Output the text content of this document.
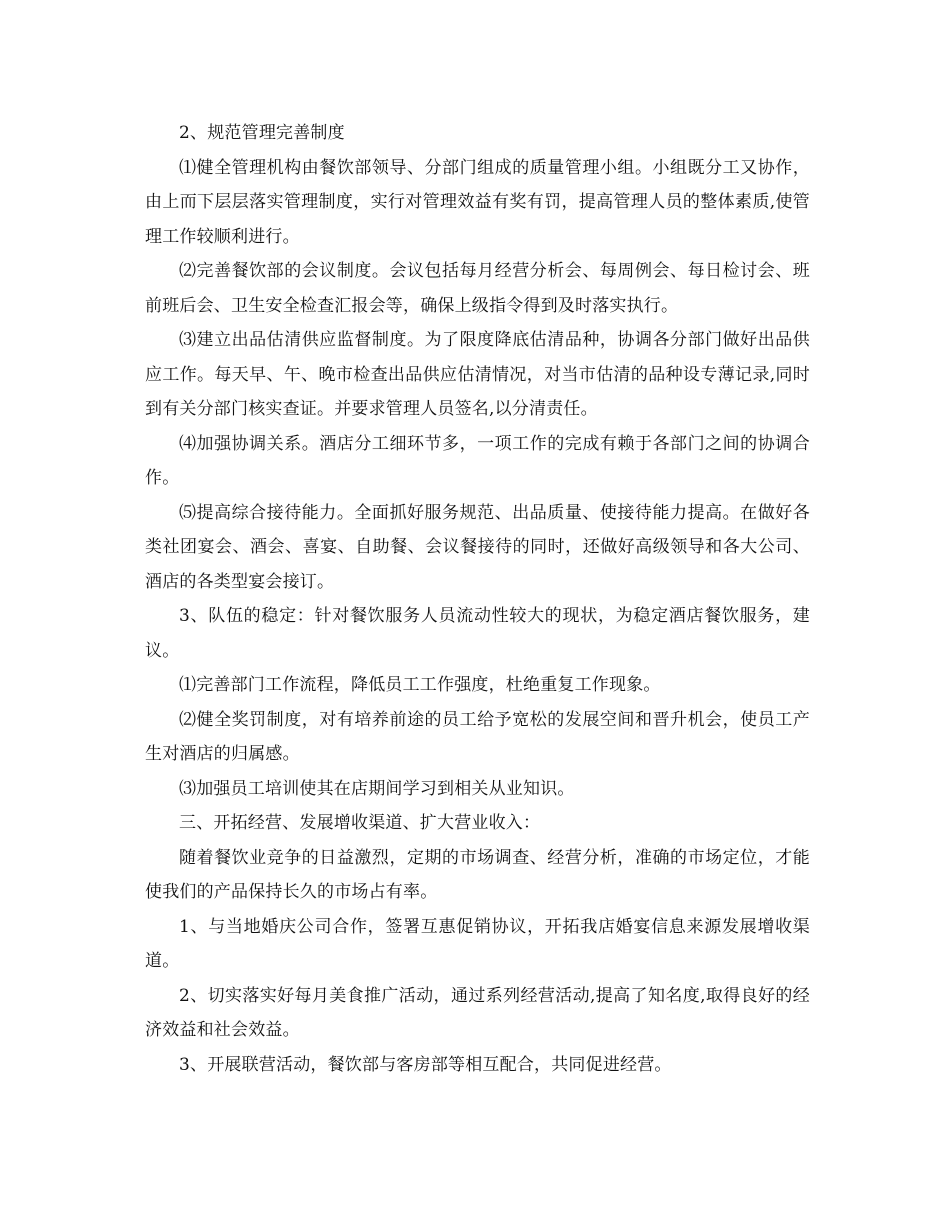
2、规范管理完善制度

⑴健全管理机构由餐饮部领导、分部门组成的质量管理小组。小组既分工又协作，由上而下层层落实管理制度，实行对管理效益有奖有罚，提高管理人员的整体素质,使管理工作较顺利进行。

⑵完善餐饮部的会议制度。会议包括每月经营分析会、每周例会、每日检讨会、班前班后会、卫生安全检查汇报会等，确保上级指令得到及时落实执行。

⑶建立出品估清供应监督制度。为了限度降底估清品种，协调各分部门做好出品供应工作。每天早、午、晚市检查出品供应估清情况，对当市估清的品种设专薄记录,同时到有关分部门核实查证。并要求管理人员签名,以分清责任。

⑷加强协调关系。酒店分工细环节多，一项工作的完成有赖于各部门之间的协调合作。

⑸提高综合接待能力。全面抓好服务规范、出品质量、使接待能力提高。在做好各类社团宴会、酒会、喜宴、自助餐、会议餐接待的同时，还做好高级领导和各大公司、酒店的各类型宴会接订。

3、队伍的稳定：针对餐饮服务人员流动性较大的现状，为稳定酒店餐饮服务，建议。

⑴完善部门工作流程，降低员工工作强度，杜绝重复工作现象。

⑵健全奖罚制度，对有培养前途的员工给予宽松的发展空间和晋升机会，使员工产生对酒店的归属感。

⑶加强员工培训使其在店期间学习到相关从业知识。

三、开拓经营、发展增收渠道、扩大营业收入：

随着餐饮业竞争的日益激烈，定期的市场调查、经营分析，准确的市场定位，才能使我们的产品保持长久的市场占有率。

1、与当地婚庆公司合作，签署互惠促销协议，开拓我店婚宴信息来源发展增收渠道。

2、切实落实好每月美食推广活动，通过系列经营活动,提高了知名度,取得良好的经济效益和社会效益。

3、开展联营活动，餐饮部与客房部等相互配合，共同促进经营。
